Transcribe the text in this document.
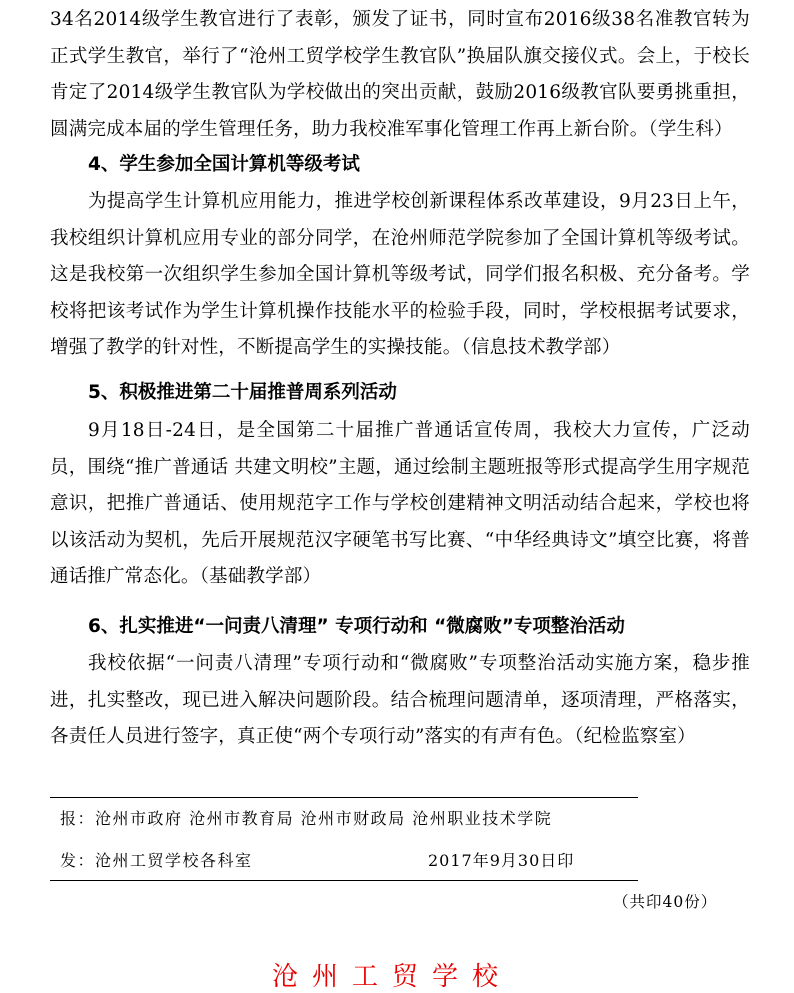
34名2014级学生教官进行了表彰，颁发了证书，同时宣布2016级38名准教官转为正式学生教官，举行了“沧州工贸学校学生教官队”换届队旗交接仪式。会上，于校长肯定了2014级学生教官队为学校做出的突出贡献，鼓励2016级教官队要勇挑重担，圆满完成本届的学生管理任务，助力我校准军事化管理工作再上新台阶。（学生科）

4、学生参加全国计算机等级考试

为提高学生计算机应用能力，推进学校创新课程体系改革建设，9月23日上午，我校组织计算机应用专业的部分同学，在沧州师范学院参加了全国计算机等级考试。这是我校第一次组织学生参加全国计算机等级考试，同学们报名积极、充分备考。学校将把该考试作为学生计算机操作技能水平的检验手段，同时，学校根据考试要求，增强了教学的针对性，不断提高学生的实操技能。（信息技术教学部）

5、积极推进第二十届推普周系列活动

9月18日-24日，是全国第二十届推广普通话宣传周，我校大力宣传，广泛动员，围绕“推广普通话 共建文明校”主题，通过绘制主题班报等形式提高学生用字规范意识，把推广普通话、使用规范字工作与学校创建精神文明活动结合起来，学校也将以该活动为契机，先后开展规范汉字硬笔书写比赛、“中华经典诗文”填空比赛，将普通话推广常态化。（基础教学部）

6、扎实推进“一问责八清理” 专项行动和 “微腐败”专项整治活动

我校依据“一问责八清理”专项行动和“微腐败”专项整治活动实施方案，稳步推进，扎实整改，现已进入解决问题阶段。结合梳理问题清单，逐项清理，严格落实，各责任人员进行签字，真正使“两个专项行动”落实的有声有色。（纪检监察室）

报：沧州市政府 沧州市教育局 沧州市财政局 沧州职业技术学院
发：沧州工贸学校各科室	2017年9月30日印
（共印40份）
沧州工贸学校
